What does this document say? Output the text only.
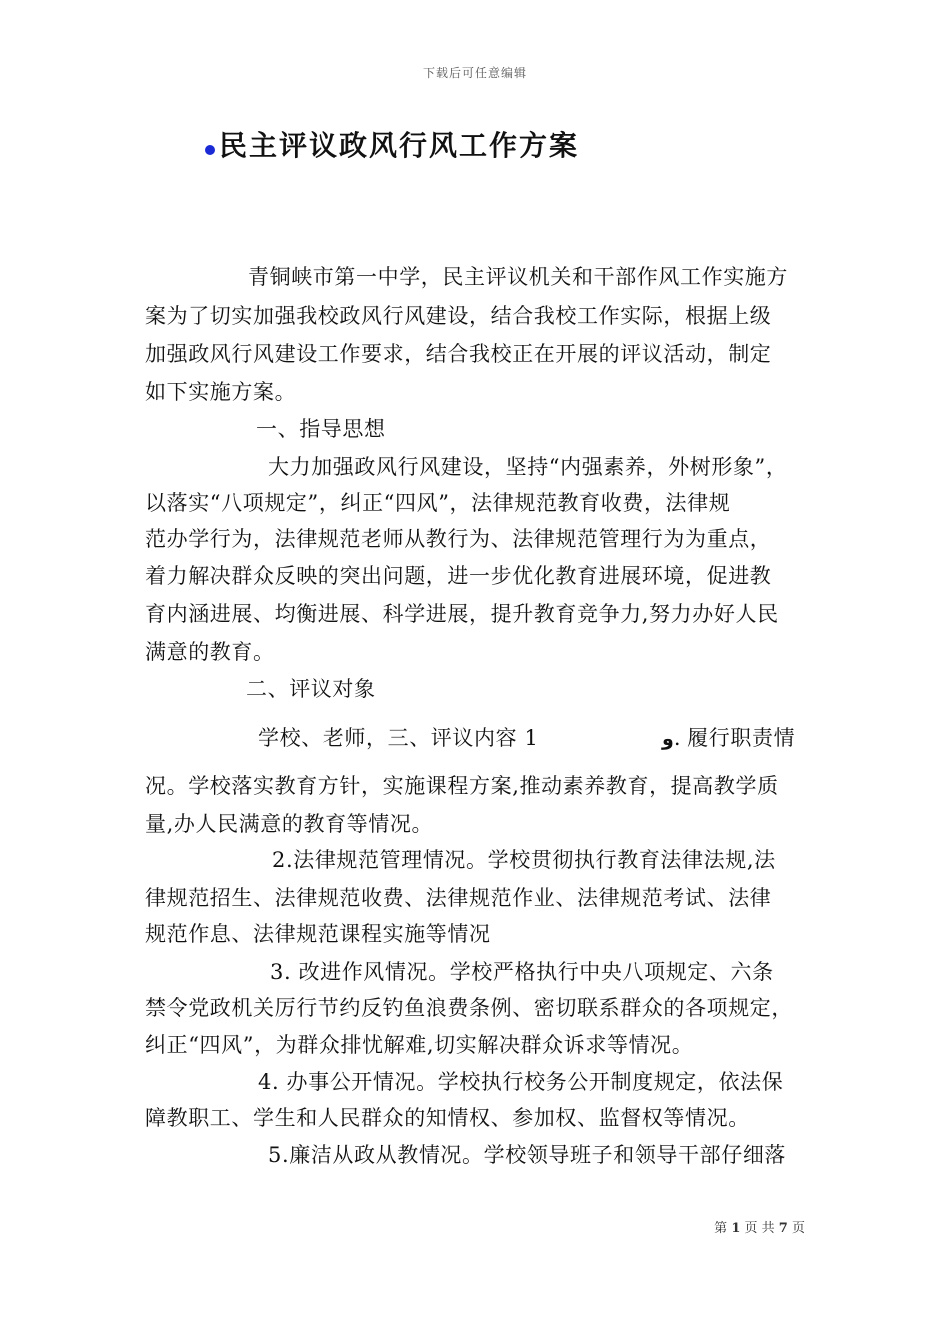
下载后可任意编辑
民主评议政风行风工作方案
青铜峡市第一中学，民主评议机关和干部作风工作实施方
案为了切实加强我校政风行风建设，结合我校工作实际，根据上级
加强政风行风建设工作要求，结合我校正在开展的评议活动，制定
如下实施方案。
一、指导思想
大力加强政风行风建设，坚持“内强素养，外树形象”，
以落实“八项规定”，纠正“四风”，法律规范教育收费，法律规
范办学行为，法律规范老师从教行为、法律规范管理行为为重点，
着力解决群众反映的突出问题，进一步优化教育进展环境，促进教
育内涵进展、均衡进展、科学进展，提升教育竞争力,努力办好人民
满意的教育。
二、评议对象
学校、老师，三、评议内容 1	و. 履行职责情
况。学校落实教育方针，实施课程方案,推动素养教育，提高教学质
量,办人民满意的教育等情况。
2.法律规范管理情况。学校贯彻执行教育法律法规,法
律规范招生、法律规范收费、法律规范作业、法律规范考试、法律
规范作息、法律规范课程实施等情况
3. 改进作风情况。学校严格执行中央八项规定、六条
禁令党政机关厉行节约反钓鱼浪费条例、密切联系群众的各项规定，
纠正“四风”，为群众排忧解难,切实解决群众诉求等情况。
4. 办事公开情况。学校执行校务公开制度规定，依法保
障教职工、学生和人民群众的知情权、参加权、监督权等情况。
5.廉洁从政从教情况。学校领导班子和领导干部仔细落
第 1 页 共 7 页
